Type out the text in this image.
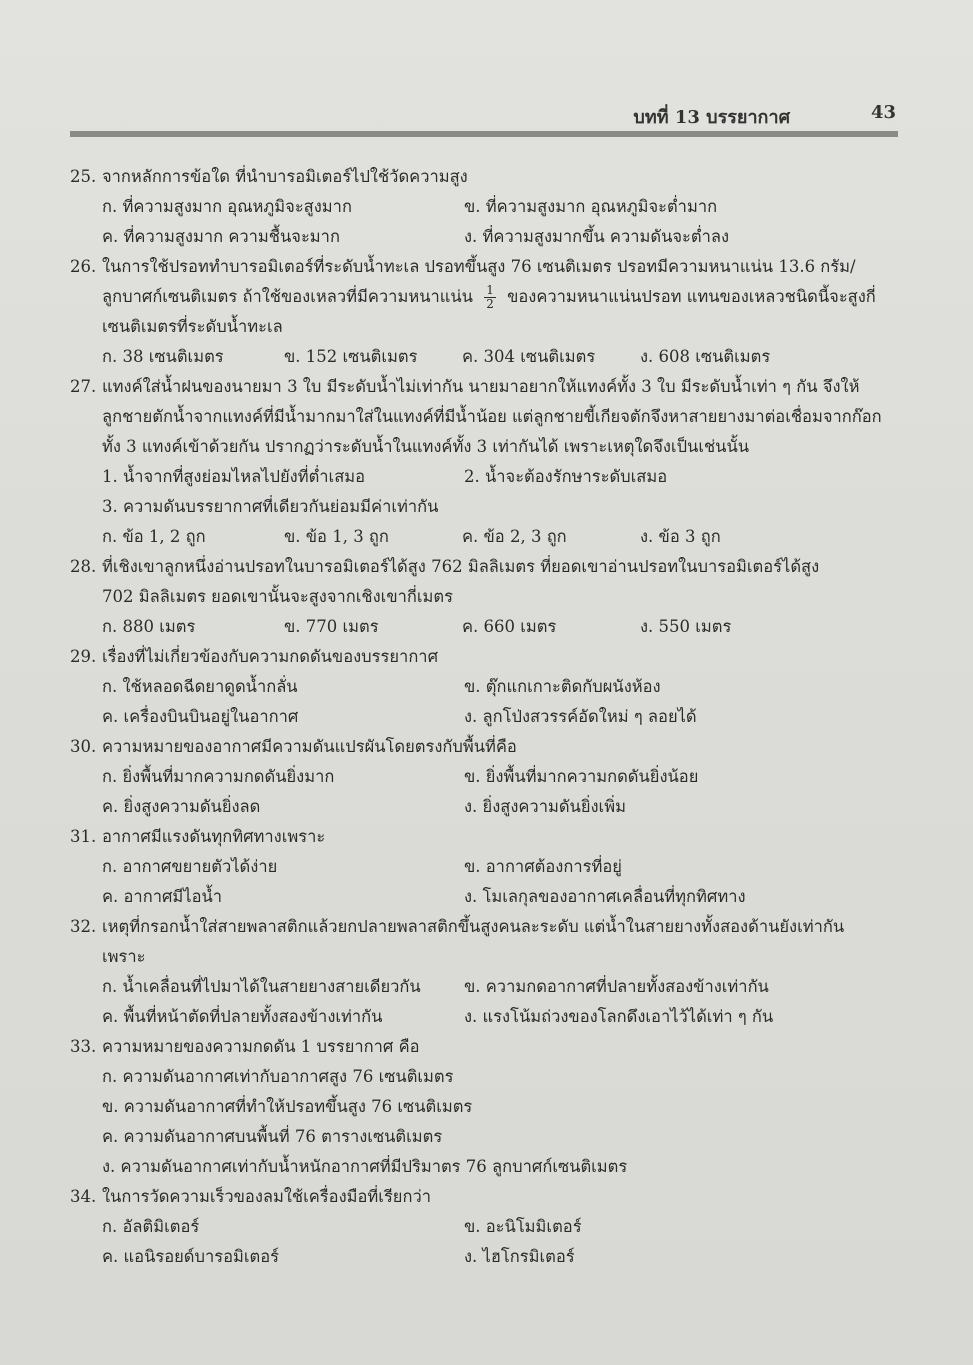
บทที่ 13 บรรยากาศ	43
25. จากหลักการข้อใด ที่นำบารอมิเตอร์ไปใช้วัดความสูง
ก. ที่ความสูงมาก อุณหภูมิจะสูงมาก	ข. ที่ความสูงมาก อุณหภูมิจะต่ำมาก
ค. ที่ความสูงมาก ความชื้นจะมาก	ง. ที่ความสูงมากขึ้น ความดันจะต่ำลง
26. ในการใช้ปรอททำบารอมิเตอร์ที่ระดับน้ำทะเล ปรอทขึ้นสูง 76 เซนติเมตร ปรอทมีความหนาแน่น 13.6 กรัม/
ลูกบาศก์เซนติเมตร ถ้าใช้ของเหลวที่มีความหนาแน่น $\frac{1}{2}$ ของความหนาแน่นปรอท แทนของเหลวชนิดนี้จะสูงกี่
เซนติเมตรที่ระดับน้ำทะเล
ก. 38 เซนติเมตร	ข. 152 เซนติเมตร	ค. 304 เซนติเมตร	ง. 608 เซนติเมตร
27. แทงค์ใส่น้ำฝนของนายมา 3 ใบ มีระดับน้ำไม่เท่ากัน นายมาอยากให้แทงค์ทั้ง 3 ใบ มีระดับน้ำเท่า ๆ กัน จึงให้
ลูกชายตักน้ำจากแทงค์ที่มีน้ำมากมาใส่ในแทงค์ที่มีน้ำน้อย แต่ลูกชายขี้เกียจตักจึงหาสายยางมาต่อเชื่อมจากก๊อก
ทั้ง 3 แทงค์เข้าด้วยกัน ปรากฏว่าระดับน้ำในแทงค์ทั้ง 3 เท่ากันได้ เพราะเหตุใดจึงเป็นเช่นนั้น
1. น้ำจากที่สูงย่อมไหลไปยังที่ต่ำเสมอ	2. น้ำจะต้องรักษาระดับเสมอ
3. ความดันบรรยากาศที่เดียวกันย่อมมีค่าเท่ากัน
ก. ข้อ 1, 2 ถูก	ข. ข้อ 1, 3 ถูก	ค. ข้อ 2, 3 ถูก	ง. ข้อ 3 ถูก
28. ที่เชิงเขาลูกหนึ่งอ่านปรอทในบารอมิเตอร์ได้สูง 762 มิลลิเมตร ที่ยอดเขาอ่านปรอทในบารอมิเตอร์ได้สูง
702 มิลลิเมตร ยอดเขานั้นจะสูงจากเชิงเขากี่เมตร
ก. 880 เมตร	ข. 770 เมตร	ค. 660 เมตร	ง. 550 เมตร
29. เรื่องที่ไม่เกี่ยวข้องกับความกดดันของบรรยากาศ
ก. ใช้หลอดฉีดยาดูดน้ำกลั่น	ข. ตุ๊กแกเกาะติดกับผนังห้อง
ค. เครื่องบินบินอยู่ในอากาศ	ง. ลูกโป่งสวรรค์อัดใหม่ ๆ ลอยได้
30. ความหมายของอากาศมีความดันแปรผันโดยตรงกับพื้นที่คือ
ก. ยิ่งพื้นที่มากความกดดันยิ่งมาก	ข. ยิ่งพื้นที่มากความกดดันยิ่งน้อย
ค. ยิ่งสูงความดันยิ่งลด	ง. ยิ่งสูงความดันยิ่งเพิ่ม
31. อากาศมีแรงดันทุกทิศทางเพราะ
ก. อากาศขยายตัวได้ง่าย	ข. อากาศต้องการที่อยู่
ค. อากาศมีไอน้ำ	ง. โมเลกุลของอากาศเคลื่อนที่ทุกทิศทาง
32. เหตุที่กรอกน้ำใส่สายพลาสติกแล้วยกปลายพลาสติกขึ้นสูงคนละระดับ แต่น้ำในสายยางทั้งสองด้านยังเท่ากัน
เพราะ
ก. น้ำเคลื่อนที่ไปมาได้ในสายยางสายเดียวกัน	ข. ความกดอากาศที่ปลายทั้งสองข้างเท่ากัน
ค. พื้นที่หน้าตัดที่ปลายทั้งสองข้างเท่ากัน	ง. แรงโน้มถ่วงของโลกดึงเอาไว้ได้เท่า ๆ กัน
33. ความหมายของความกดดัน 1 บรรยากาศ คือ
ก. ความดันอากาศเท่ากับอากาศสูง 76 เซนติเมตร
ข. ความดันอากาศที่ทำให้ปรอทขึ้นสูง 76 เซนติเมตร
ค. ความดันอากาศบนพื้นที่ 76 ตารางเซนติเมตร
ง. ความดันอากาศเท่ากับน้ำหนักอากาศที่มีปริมาตร 76 ลูกบาศก์เซนติเมตร
34. ในการวัดความเร็วของลมใช้เครื่องมือที่เรียกว่า
ก. อัลติมิเตอร์	ข. อะนิโมมิเตอร์
ค. แอนิรอยด์บารอมิเตอร์	ง. ไฮโกรมิเตอร์
